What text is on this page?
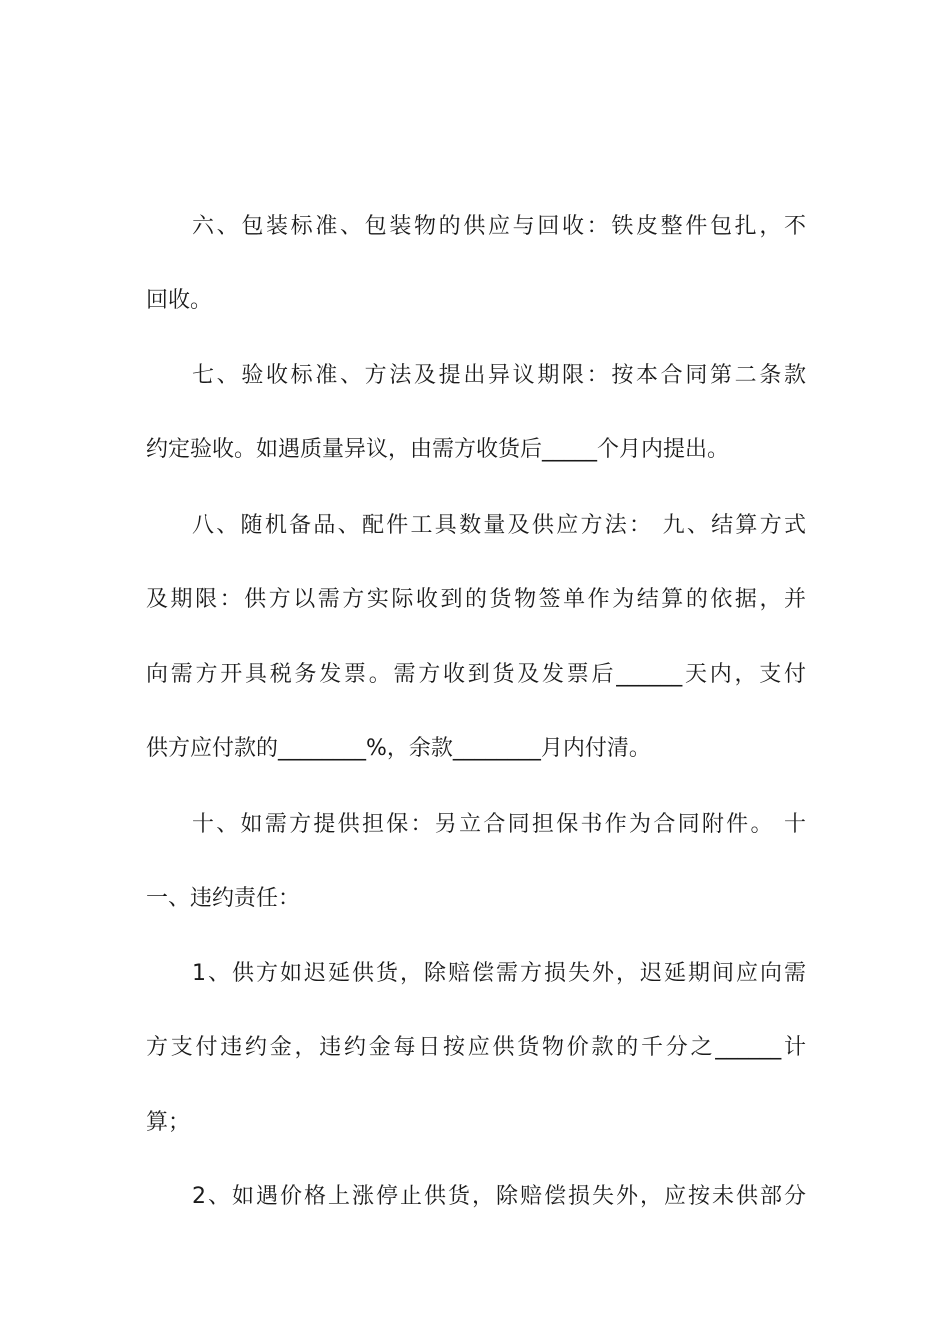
六、包装标准、包装物的供应与回收：铁皮整件包扎，不
回收。
七、验收标准、方法及提出异议期限：按本合同第二条款
约定验收。如遇质量异议，由需方收货后_____个月内提出。
八、随机备品、配件工具数量及供应方法： 九、结算方式
及期限：供方以需方实际收到的货物签单作为结算的依据，并
向需方开具税务发票。需方收到货及发票后______天内，支付
供方应付款的________%，余款________月内付清。
十、如需方提供担保：另立合同担保书作为合同附件。 十
一、违约责任：
1、供方如迟延供货，除赔偿需方损失外，迟延期间应向需
方支付违约金，违约金每日按应供货物价款的千分之______计
算；
2、如遇价格上涨停止供货，除赔偿损失外，应按未供部分
